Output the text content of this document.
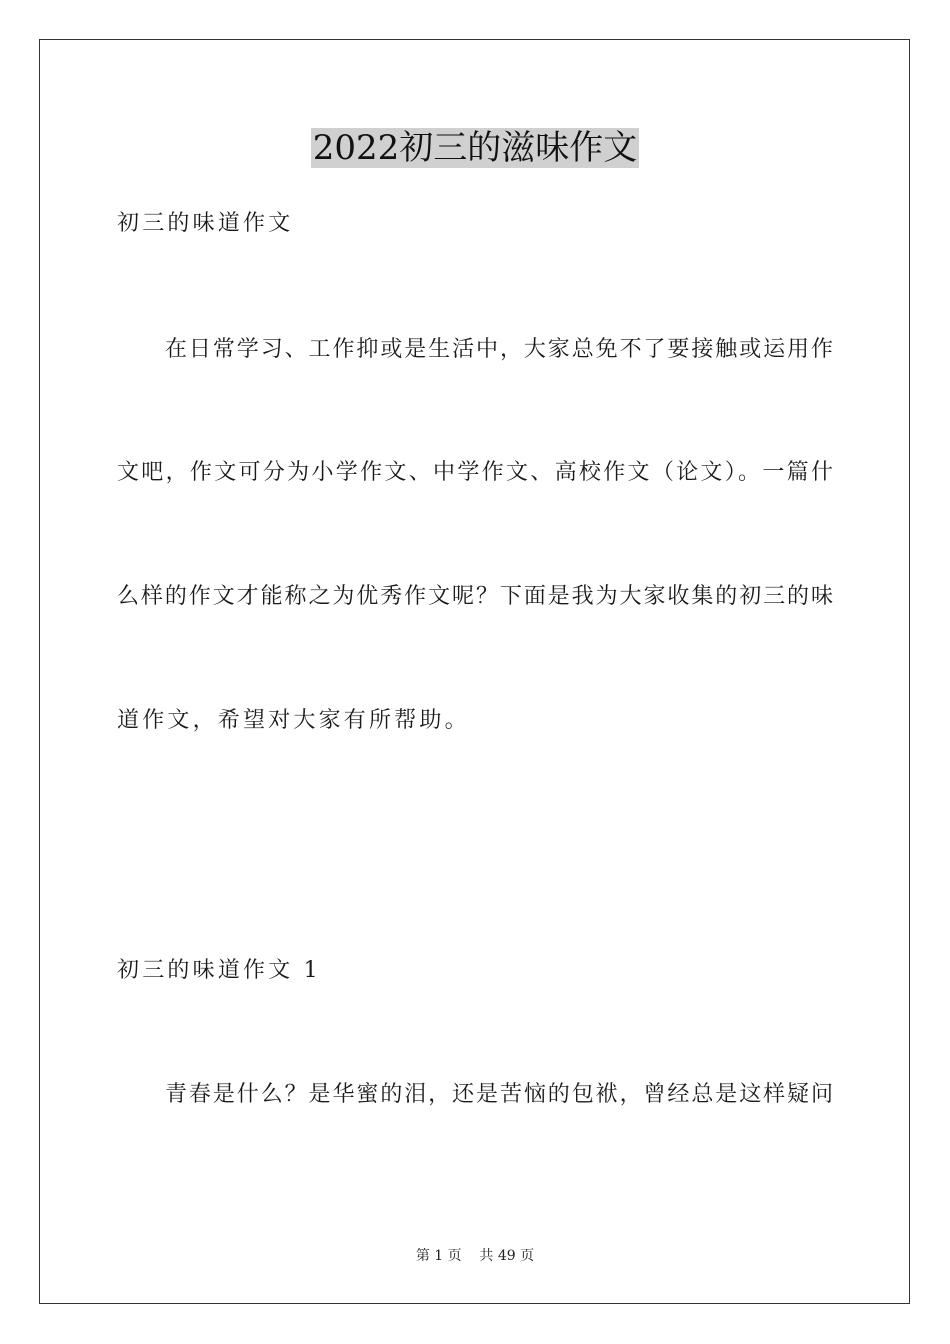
2022初三的滋味作文

初三的味道作文

在日常学习、工作抑或是生活中，大家总免不了要接触或运用作

文吧，作文可分为小学作文、中学作文、高校作文（论文）。一篇什

么样的作文才能称之为优秀作文呢？下面是我为大家收集的初三的味

道作文，希望对大家有所帮助。

初三的味道作文 1

青春是什么？是华蜜的泪，还是苦恼的包袱，曾经总是这样疑问

第 1 页    共 49 页
